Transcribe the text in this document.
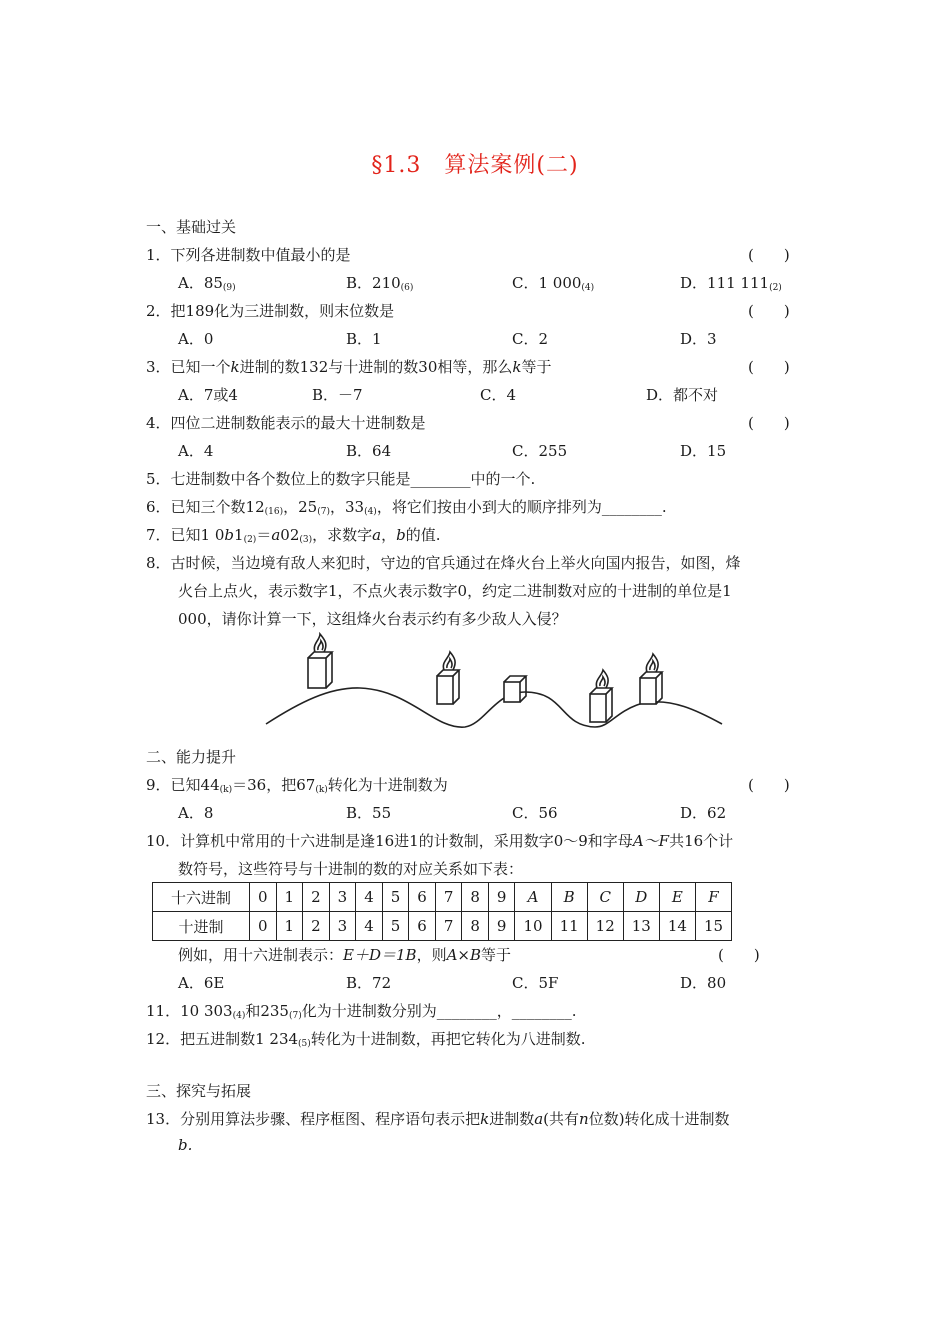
§1.3　算法案例(二)
一、基础过关
1．下列各进制数中值最小的是	(　　)
A．$85_{(9)}$	B．$210_{(6)}$	C．1 $000_{(4)}$	D．111 $111_{(2)}$
2．把189化为三进制数，则末位数是	(　　)
A．0	B．1	C．2	D．3
3．已知一个k进制的数132与十进制的数30相等，那么k等于	(　　)
A．7或4	B．－7	C．4	D．都不对
4．四位二进制数能表示的最大十进制数是	(　　)
A．4	B．64	C．255	D．15
5．七进制数中各个数位上的数字只能是________中的一个.
6．已知三个数$12_{(16)}$，$25_{(7)}$，$33_{(4)}$，将它们按由小到大的顺序排列为________.
7．已知1 $0b1_{(2)}=a02_{(3)}$，求数字a，b的值.
8．古时候，当边境有敌人来犯时，守边的官兵通过在烽火台上举火向国内报告，如图，烽
火台上点火，表示数字1，不点火表示数字0，约定二进制数对应的十进制的单位是1
000，请你计算一下，这组烽火台表示约有多少敌人入侵？
二、能力提升
9．已知$44_{(k)}=36$，把$67_{(k)}$转化为十进制数为	(　　)
A．8	B．55	C．56	D．62
10．计算机中常用的十六进制是逢16进1的计数制，采用数字0～9和字母A～F共16个计
数符号，这些符号与十进制的数的对应关系如下表：
十六进制	0	1	2	3	4	5	6	7	8	9	A	B	C	D	E	F
十进制	0	1	2	3	4	5	6	7	8	9	10	11	12	13	14	15
例如，用十六进制表示：E＋D＝1B，则A×B等于	(　　)
A．6E	B．72	C．5F	D．80
11．10 $303_{(4)}$和$235_{(7)}$化为十进制数分别为________，________.
12．把五进制数1 $234_{(5)}$转化为十进制数，再把它转化为八进制数.
三、探究与拓展
13．分别用算法步骤、程序框图、程序语句表示把k进制数a(共有n位数)转化成十进制数
b.
